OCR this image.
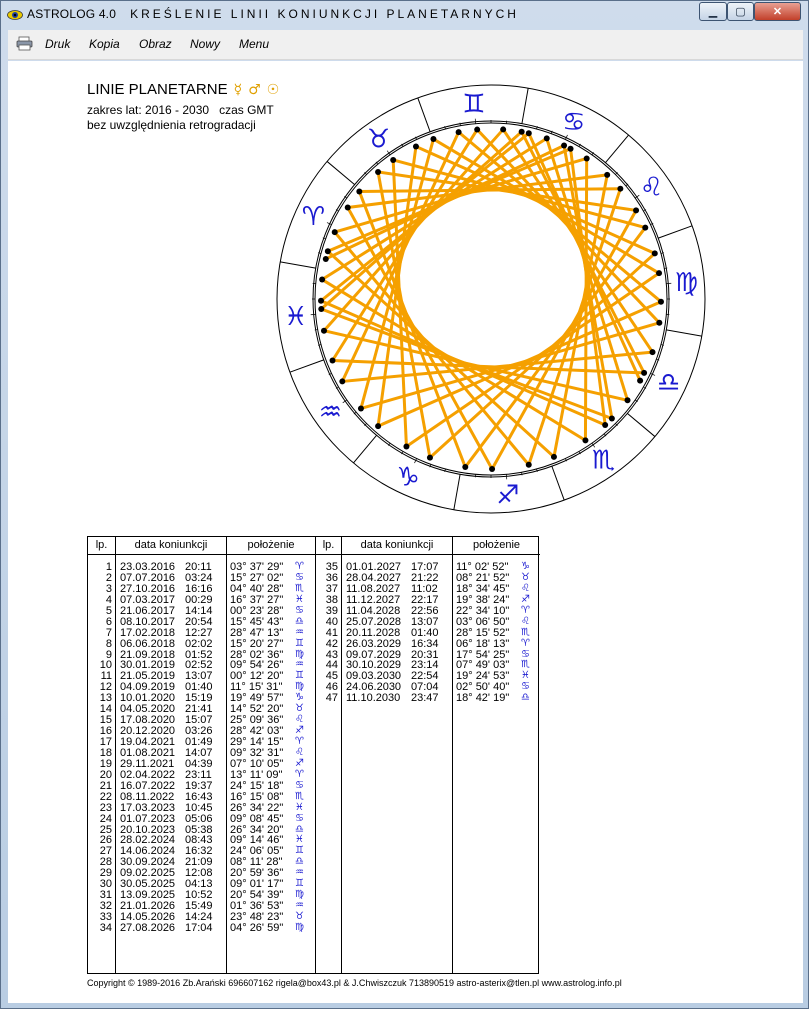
ASTROLOG 4.0 KREŚLENIE LINII KONIUNKCJI PLANETARNYCH	▁ ▢ ✕
Druk Kopia Obraz Nowy Menu
LINIE PLANETARNE ☿ ♂ ☉
zakres lat: 2016 - 2030   czas GMT
bez uwzględnienia retrogradacji
♈
♉
♊
♋
♌
♍
♎
♏
♐
♑
♒
♓
lp.
1
2
3
4
5
6
7
8
9
10
11
12
13
14
15
16
17
18
19
20
21
22
23
24
25
26
27
28
29
30
31
32
33
34
data koniunkcji
23.03.2016 20:11
07.07.2016 03:24
27.10.2016 16:16
07.03.2017 00:29
21.06.2017 14:14
08.10.2017 20:54
17.02.2018 12:27
06.06.2018 02:02
21.09.2018 01:52
30.01.2019 02:52
21.05.2019 13:07
04.09.2019 01:40
10.01.2020 15:19
04.05.2020 21:41
17.08.2020 15:07
20.12.2020 03:26
19.04.2021 01:49
01.08.2021 14:07
29.11.2021 04:39
02.04.2022 23:11
16.07.2022 19:37
08.11.2022 16:43
17.03.2023 10:45
01.07.2023 05:06
20.10.2023 05:38
28.02.2024 08:43
14.06.2024 16:32
30.09.2024 21:09
09.02.2025 12:08
30.05.2025 04:13
13.09.2025 10:52
21.01.2026 15:49
14.05.2026 14:24
27.08.2026 17:04
położenie
03° 37' 29" ♈
15° 27' 02" ♋
04° 40' 28" ♏
16° 37' 27" ♓
00° 23' 28" ♋
15° 45' 43" ♎
28° 47' 13" ♒
15° 20' 27" ♊
28° 02' 36" ♍
09° 54' 26" ♒
00° 12' 20" ♊
11° 15' 31" ♍
19° 49' 57" ♑
14° 52' 20" ♉
25° 09' 36" ♌
28° 42' 03" ♐
29° 14' 15" ♈
09° 32' 31" ♌
07° 10' 05" ♐
13° 11' 09" ♈
24° 15' 18" ♋
16° 15' 08" ♏
26° 34' 22" ♓
09° 08' 45" ♋
26° 34' 20" ♎
09° 14' 46" ♓
24° 06' 05" ♊
08° 11' 28" ♎
20° 59' 36" ♒
09° 01' 17" ♊
20° 54' 39" ♍
01° 36' 53" ♒
23° 48' 23" ♉
04° 26' 59" ♍
lp.
35
36
37
38
39
40
41
42
43
44
45
46
47
data koniunkcji
01.01.2027 17:07
28.04.2027 21:22
11.08.2027 11:02
11.12.2027 22:17
11.04.2028 22:56
25.07.2028 13:07
20.11.2028 01:40
26.03.2029 16:34
09.07.2029 20:31
30.10.2029 23:14
09.03.2030 22:54
24.06.2030 07:04
11.10.2030 23:47
położenie
11° 02' 52" ♑
08° 21' 52" ♉
18° 34' 45" ♌
19° 38' 24" ♐
22° 34' 10" ♈
03° 06' 50" ♌
28° 15' 52" ♏
06° 18' 13" ♈
17° 54' 25" ♋
07° 49' 03" ♏
19° 24' 53" ♓
02° 50' 40" ♋
18° 42' 19" ♎
Copyright © 1989-2016 Zb.Arański 696607162 rigela@box43.pl & J.Chwiszczuk 713890519 astro-asterix@tlen.pl www.astrolog.info.pl
